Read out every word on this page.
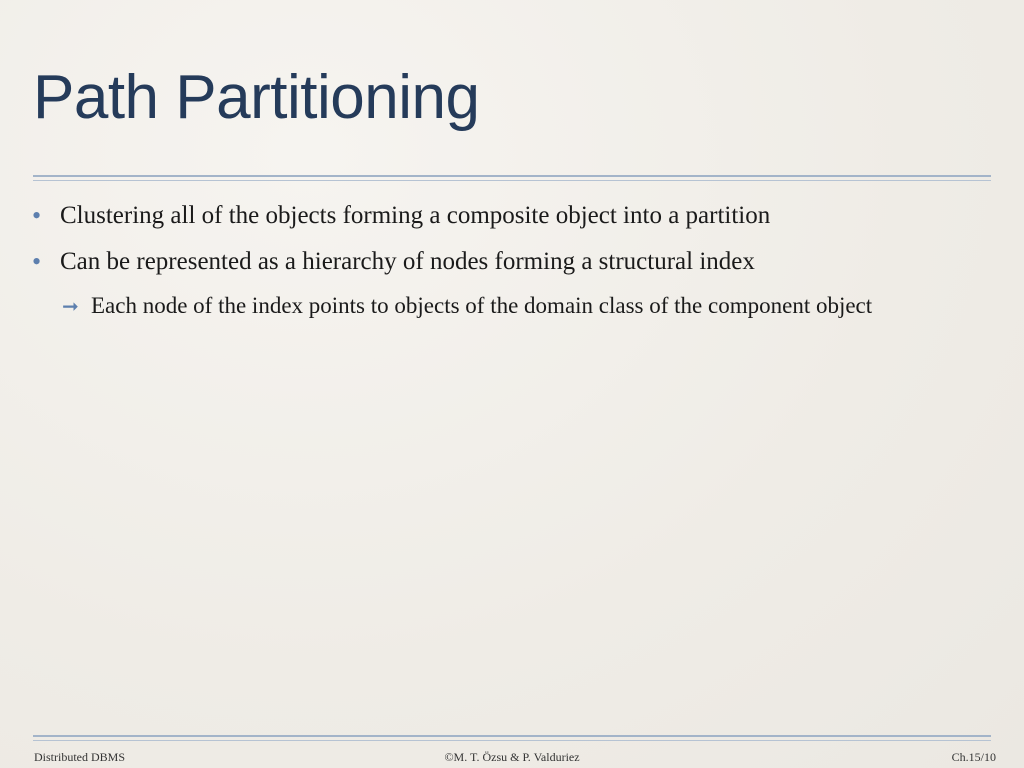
Path Partitioning
• Clustering all of the objects forming a composite object into a partition
• Can be represented as a hierarchy of nodes forming a structural index
➞ Each node of the index points to objects of the domain class of the component object
Distributed DBMS	©M. T. Özsu & P. Valduriez	Ch.15/10
